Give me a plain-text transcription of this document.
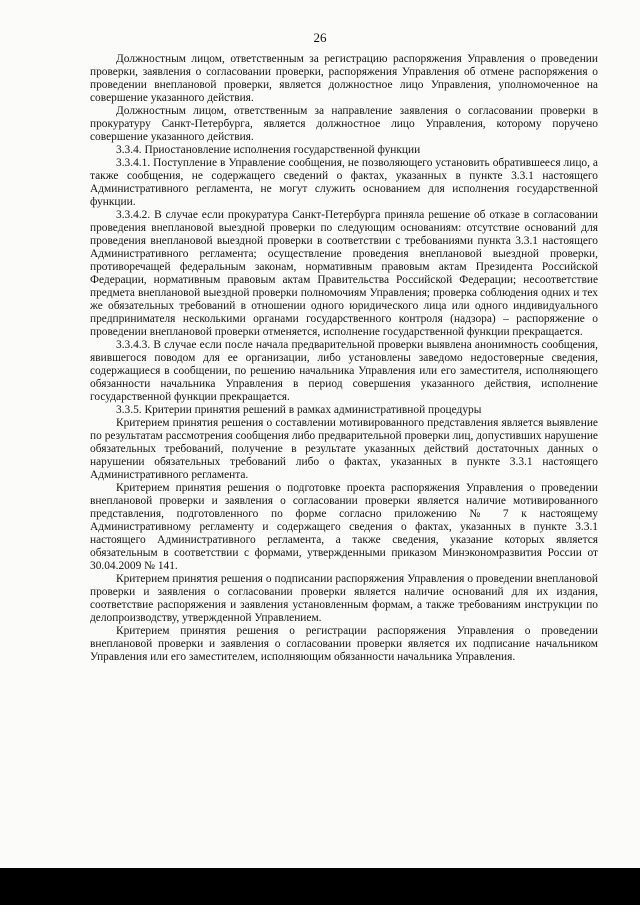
26

Должностным лицом, ответственным за регистрацию распоряжения Управления о проведении проверки, заявления о согласовании проверки, распоряжения Управления об отмене распоряжения о проведении внеплановой проверки, является должностное лицо Управления, уполномоченное на совершение указанного действия.

Должностным лицом, ответственным за направление заявления о согласовании проверки в прокуратуру Санкт-Петербурга, является должностное лицо Управления, которому поручено совершение указанного действия.

3.3.4. Приостановление исполнения государственной функции

3.3.4.1. Поступление в Управление сообщения, не позволяющего установить обратившееся лицо, а также сообщения, не содержащего сведений о фактах, указанных в пункте 3.3.1 настоящего Административного регламента, не могут служить основанием для исполнения государственной функции.

3.3.4.2. В случае если прокуратура Санкт-Петербурга приняла решение об отказе в согласовании проведения внеплановой выездной проверки по следующим основаниям: отсутствие оснований для проведения внеплановой выездной проверки в соответствии с требованиями пункта 3.3.1 настоящего Административного регламента; осуществление проведения внеплановой выездной проверки, противоречащей федеральным законам, нормативным правовым актам Президента Российской Федерации, нормативным правовым актам Правительства Российской Федерации; несоответствие предмета внеплановой выездной проверки полномочиям Управления; проверка соблюдения одних и тех же обязательных требований в отношении одного юридического лица или одного индивидуального предпринимателя несколькими органами государственного контроля (надзора) – распоряжение о проведении внеплановой проверки отменяется, исполнение государственной функции прекращается.

3.3.4.3. В случае если после начала предварительной проверки выявлена анонимность сообщения, явившегося поводом для ее организации, либо установлены заведомо недостоверные сведения, содержащиеся в сообщении, по решению начальника Управления или его заместителя, исполняющего обязанности начальника Управления в период совершения указанного действия, исполнение государственной функции прекращается.

3.3.5. Критерии принятия решений в рамках административной процедуры

Критерием принятия решения о составлении мотивированного представления является выявление по результатам рассмотрения сообщения либо предварительной проверки лиц, допустивших нарушение обязательных требований, получение в результате указанных действий достаточных данных о нарушении обязательных требований либо о фактах, указанных в пункте 3.3.1 настоящего Административного регламента.

Критерием принятия решения о подготовке проекта распоряжения Управления о проведении внеплановой проверки и заявления о согласовании проверки является наличие мотивированного представления, подготовленного по форме согласно приложению № 7 к настоящему Административному регламенту и содержащего сведения о фактах, указанных в пункте 3.3.1 настоящего Административного регламента, а также сведения, указание которых является обязательным в соответствии с формами, утвержденными приказом Минэкономразвития России от 30.04.2009 № 141.

Критерием принятия решения о подписании распоряжения Управления о проведении внеплановой проверки и заявления о согласовании проверки является наличие оснований для их издания, соответствие распоряжения и заявления установленным формам, а также требованиям инструкции по делопроизводству, утвержденной Управлением.

Критерием принятия решения о регистрации распоряжения Управления о проведении внеплановой проверки и заявления о согласовании проверки является их подписание начальником Управления или его заместителем, исполняющим обязанности начальника Управления.
